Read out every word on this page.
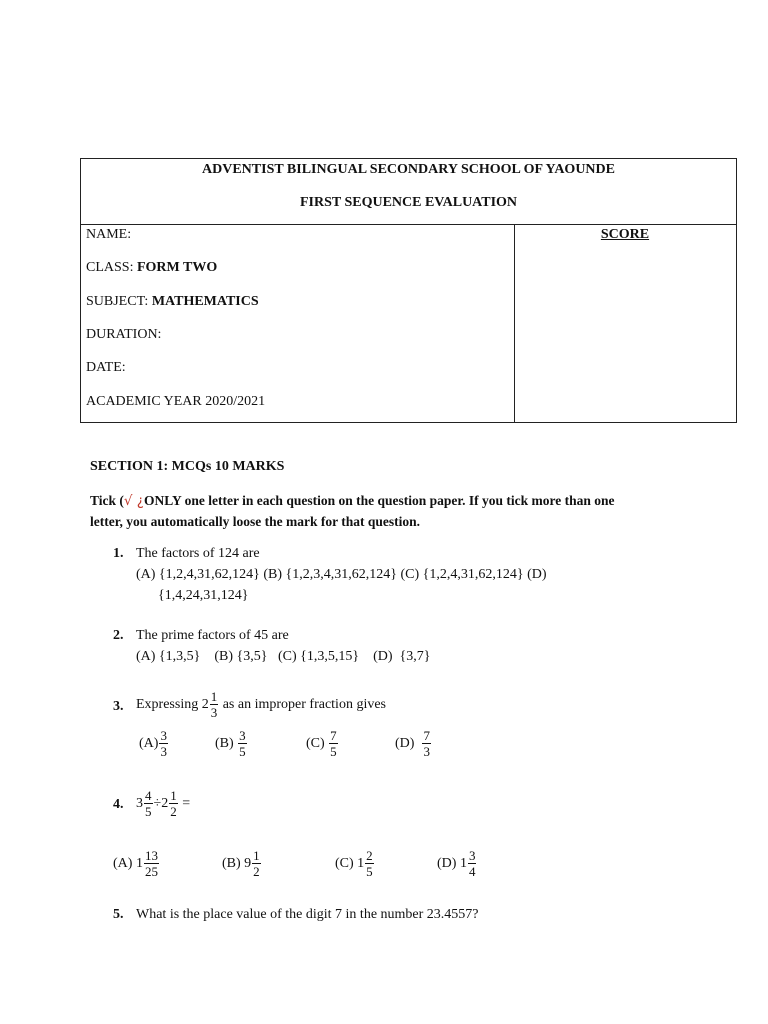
ADVENTIST BILINGUAL SECONDARY SCHOOL OF YAOUNDE
FIRST SEQUENCE EVALUATION
NAME:
CLASS: FORM TWO
SUBJECT: MATHEMATICS
DURATION:
DATE:
ACADEMIC YEAR 2020/2021
SCORE
SECTION 1: MCQs 10 MARKS
Tick (√ ¿ONLY one letter in each question on the question paper. If you tick more than one
letter, you automatically loose the mark for that question.
1. The factors of 124 are
(A) {1,2,4,31,62,124} (B) {1,2,3,4,31,62,124} (C) {1,2,4,31,62,124} (D)
{1,4,24,31,124}
2. The prime factors of 45 are
(A) {1,3,5}    (B) {3,5}   (C) {1,3,5,15}    (D)  {3,7}
3. Expressing
$2 \frac{1}{3}$
as an improper fraction gives
$(A) \frac{3}{3}$	(B)
$\frac{3}{5}$	(C)
$\frac{7}{5}$	(D)
$\frac{7}{3}$
4. $3 \frac{4}{5} \div 2 \frac{1}{2}$
=
(A)
$1 \frac{13}{25}$	(B)
$9 \frac{1}{2}$	(C)
$1 \frac{2}{5}$	(D)
$1 \frac{3}{4}$
5. What is the place value of the digit 7 in the number 23.4557?
